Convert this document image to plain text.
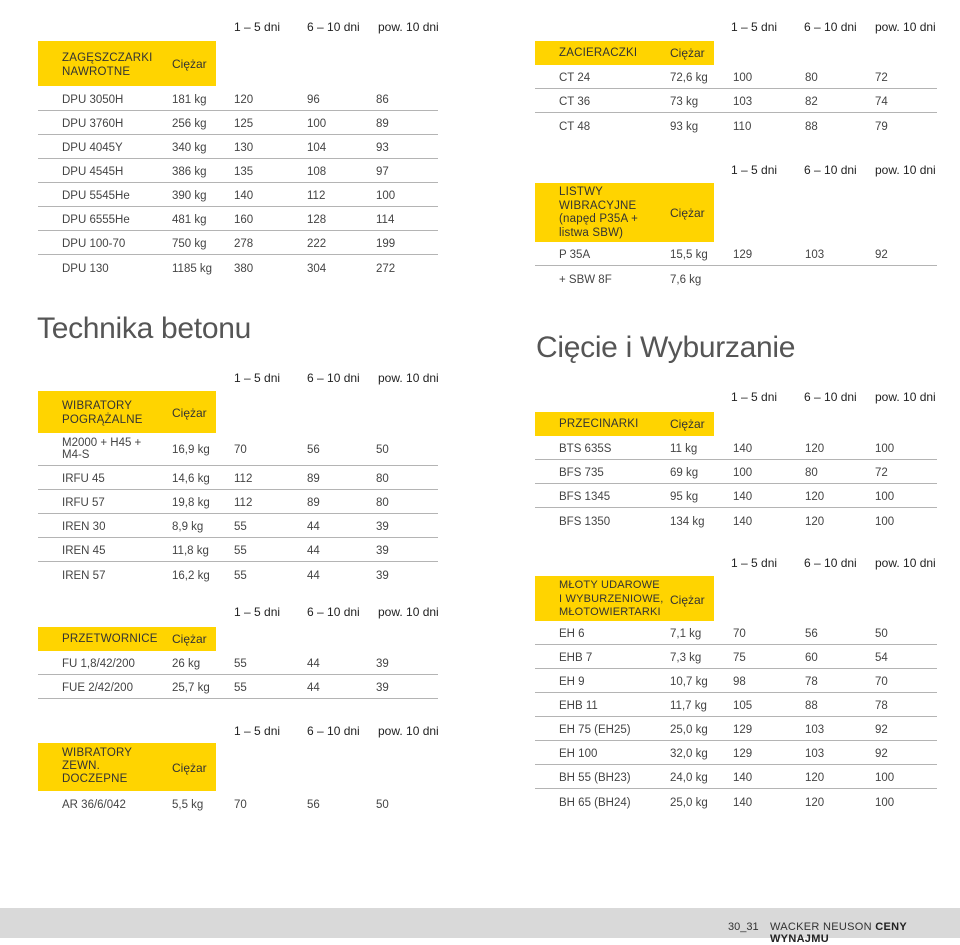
1 – 5 dni 6 – 10 dni pow. 10 dni
ZAGĘSZCZARKI
NAWROTNE
Ciężar
DPU 3050H	181 kg 120	96	86
DPU 3760H	256 kg 125	100	89
DPU 4045Y	340 kg 130	104	93
DPU 4545H	386 kg 135	108	97
DPU 5545He	390 kg 140	112	100
DPU 6555He	481 kg 160	128	114
DPU 100-70	750 kg 278	222	199
DPU 130	1185 kg 380	304	272
Technika betonu
1 – 5 dni 6 – 10 dni pow. 10 dni
WIBRATORY
POGRĄŻALNE Ciężar
M2000 + H45 +
M4-S	16,9 kg 70	56	50
IRFU 45	14,6 kg 112	89	80
IRFU 57	19,8 kg 112	89	80
IREN 30	8,9 kg	55	44	39
IREN 45	11,8 kg 55	44	39
IREN 57	16,2 kg 55	44	39
1 – 5 dni 6 – 10 dni pow. 10 dni
PRZETWORNICE Ciężar
FU 1,8/42/200	26 kg	55	44	39
FUE 2/42/200	25,7 kg 55	44	39
1 – 5 dni 6 – 10 dni pow. 10 dni
WIBRATORY
ZEWN.
DOCZEPNE
Ciężar
AR 36/6/042	5,5 kg	70	56	50
1 – 5 dni 6 – 10 dni pow. 10 dni
ZACIERACZKI	Ciężar
CT 24	72,6 kg 100	80	72
CT 36	73 kg	103	82	74
CT 48	93 kg	110	88	79
1 – 5 dni 6 – 10 dni pow. 10 dni
LISTWY
WIBRACYJNE
(napęd P35A +
listwa SBW)
Ciężar
P 35A	15,5 kg 129	103	92
+ SBW 8F	7,6 kg
Cięcie i Wyburzanie
1 – 5 dni 6 – 10 dni pow. 10 dni
PRZECINARKI	Ciężar
BTS 635S	11 kg	140	120	100
BFS 735	69 kg	100	80	72
BFS 1345	95 kg	140	120	100
BFS 1350	134 kg 140	120	100
1 – 5 dni 6 – 10 dni pow. 10 dni
MŁOTY UDAROWE
I WYBURZENIOWE,
MŁOTOWIERTARKI
Ciężar
EH 6	7,1 kg	70	56	50
EHB 7	7,3 kg	75	60	54
EH 9	10,7 kg 98	78	70
EHB 11	11,7 kg 105	88	78
EH 75 (EH25)	25,0 kg 129	103	92
EH 100	32,0 kg 129	103	92
BH 55 (BH23)	24,0 kg 140	120	100
BH 65 (BH24)	25,0 kg 140	120	100
30_31 WACKER NEUSON CENY WYNAJMU
